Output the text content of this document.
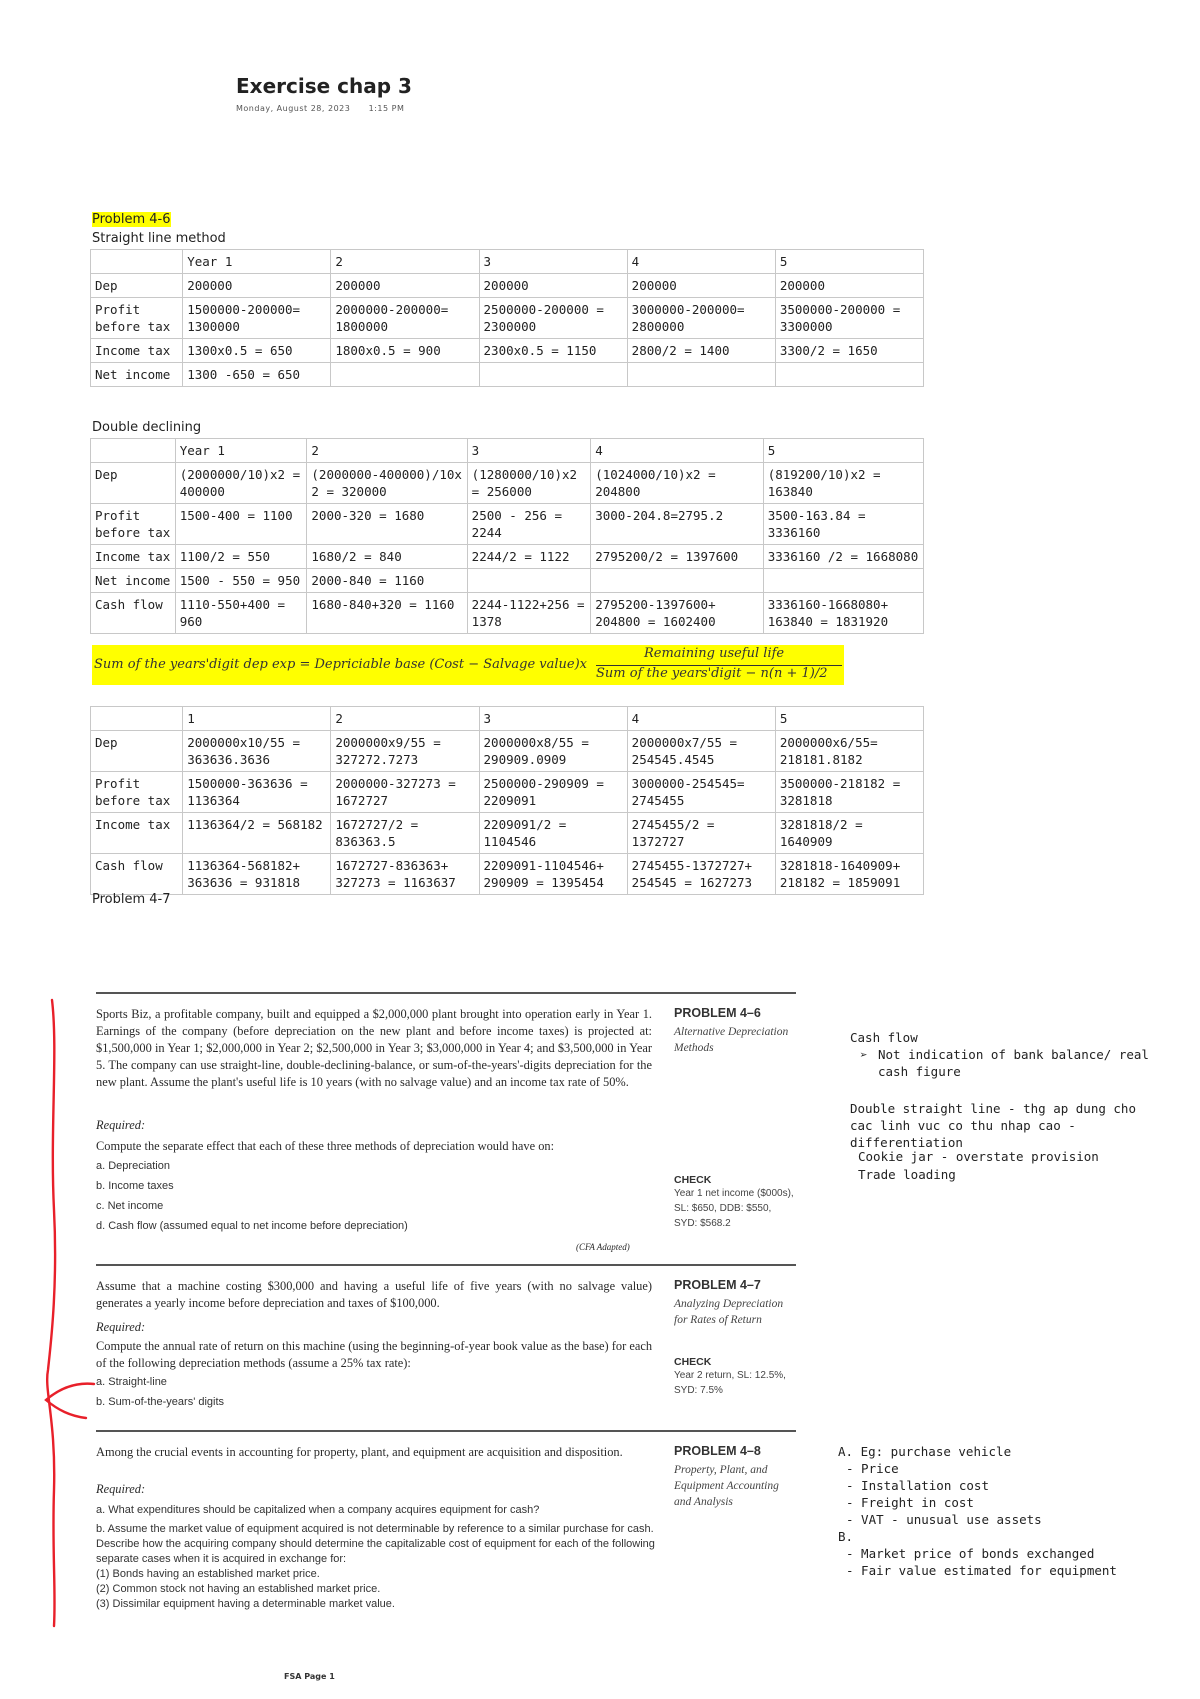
Exercise chap 3
Monday, August 28, 2023 1:15 PM
Problem 4-6
Straight line method
	Year 1	2	3	4	5
Dep	200000	200000	200000	200000	200000
Profit before tax	1500000-200000= 1300000	2000000-200000= 1800000	2500000-200000 = 2300000	3000000-200000= 2800000	3500000-200000 = 3300000
Income tax	1300x0.5 = 650	1800x0.5 = 900	2300x0.5 = 1150	2800/2 = 1400	3300/2 = 1650
Net income	1300 -650 = 650				
Double declining
	Year 1	2	3	4	5
Dep	(2000000/10)x2 = 400000	(2000000-400000)/10x 2 = 320000	(1280000/10)x2 = 256000	(1024000/10)x2 = 204800	(819200/10)x2 = 163840
Profit before tax	1500-400 = 1100	2000-320 = 1680	2500 - 256 = 2244	3000-204.8=2795.2	3500-163.84 = 3336160
Income tax	1100/2 = 550	1680/2 = 840	2244/2 = 1122	2795200/2 = 1397600	3336160 /2 = 1668080
Net income	1500 - 550 = 950	2000-840 = 1160			
Cash flow	1110-550+400 = 960	1680-840+320 = 1160	2244-1122+256 = 1378	2795200-1397600+ 204800 = 1602400	3336160-1668080+ 163840 = 1831920
Sum of the years'digit dep exp = Depriciable base (Cost − Salvage value)x
Remaining useful life
Sum of the years'digit − n(n + 1)/2
	1	2	3	4	5
Dep	2000000x10/55 = 363636.3636	2000000x9/55 = 327272.7273	2000000x8/55 = 290909.0909	2000000x7/55 = 254545.4545	2000000x6/55= 218181.8182
Profit before tax	1500000-363636 = 1136364	2000000-327273 = 1672727	2500000-290909 = 2209091	3000000-254545= 2745455	3500000-218182 = 3281818
Income tax	1136364/2 = 568182	1672727/2 = 836363.5	2209091/2 = 1104546	2745455/2 = 1372727	3281818/2 = 1640909
Cash flow	1136364-568182+ 363636 = 931818	1672727-836363+ 327273 = 1163637	2209091-1104546+ 290909 = 1395454	2745455-1372727+ 254545 = 1627273	3281818-1640909+ 218182 = 1859091
Problem 4-7

Sports Biz, a profitable company, built and equipped a $2,000,000 plant brought into operation early in Year 1. Earnings of the company (before depreciation on the new plant and before income taxes) is projected at: $1,500,000 in Year 1; $2,000,000 in Year 2; $2,500,000 in Year 3; $3,000,000 in Year 4; and $3,500,000 in Year 5. The company can use straight-line, double-declining-balance, or sum-of-the-years'-digits depreciation for the new plant. Assume the plant's useful life is 10 years (with no salvage value) and an income tax rate of 50%.

Required:

Compute the separate effect that each of these three methods of depreciation would have on:

a. Depreciation
b. Income taxes
c. Net income
d. Cash flow (assumed equal to net income before depreciation)

(CFA Adapted)

PROBLEM 4–6
Alternative Depreciation
Methods
CHECK
Year 1 net income ($000s),
SL: $650, DDB: $550,
SYD: $568.2

Assume that a machine costing $300,000 and having a useful life of five years (with no salvage value) generates a yearly income before depreciation and taxes of $100,000.

Required:

Compute the annual rate of return on this machine (using the beginning-of-year book value as the base) for each of the following depreciation methods (assume a 25% tax rate):

a. Straight-line
b. Sum-of-the-years' digits
PROBLEM 4–7
Analyzing Depreciation
for Rates of Return
CHECK
Year 2 return, SL: 12.5%,
SYD: 7.5%

Among the crucial events in accounting for property, plant, and equipment are acquisition and disposition.

Required:

a. What expenditures should be capitalized when a company acquires equipment for cash?
b. Assume the market value of equipment acquired is not determinable by reference to a similar purchase for cash. Describe how the acquiring company should determine the capitalizable cost of equipment for each of the following separate cases when it is acquired in exchange for:
(1) Bonds having an established market price.
(2) Common stock not having an established market price.
(3) Dissimilar equipment having a determinable market value.
PROBLEM 4–8
Property, Plant, and
Equipment Accounting
and Analysis
Cash flow
➢ Not indication of bank balance/ real cash figure
Double straight line - thg ap dung cho cac linh vuc co thu nhap cao - differentiation
Cookie jar - overstate provision
Trade loading
A. Eg: purchase vehicle
- Price
- Installation cost
- Freight in cost
- VAT - unusual use assets
B.
- Market price of bonds exchanged
- Fair value estimated for equipment
FSA Page 1
